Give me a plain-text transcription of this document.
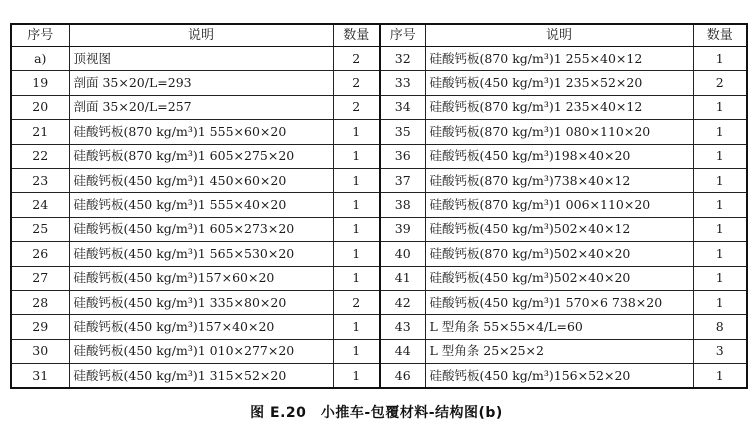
序号	说明	数量	序号	说明	数量
a)	顶视图	2	32	硅酸钙板(870 kg/m³)1 255×40×12	1
19	剖面 35×20/L=293	2	33	硅酸钙板(450 kg/m³)1 235×52×20	2
20	剖面 35×20/L=257	2	34	硅酸钙板(870 kg/m³)1 235×40×12	1
21	硅酸钙板(870 kg/m³)1 555×60×20	1	35	硅酸钙板(870 kg/m³)1 080×110×20	1
22	硅酸钙板(870 kg/m³)1 605×275×20	1	36	硅酸钙板(450 kg/m³)198×40×20	1
23	硅酸钙板(450 kg/m³)1 450×60×20	1	37	硅酸钙板(870 kg/m³)738×40×12	1
24	硅酸钙板(450 kg/m³)1 555×40×20	1	38	硅酸钙板(870 kg/m³)1 006×110×20	1
25	硅酸钙板(450 kg/m³)1 605×273×20	1	39	硅酸钙板(450 kg/m³)502×40×12	1
26	硅酸钙板(450 kg/m³)1 565×530×20	1	40	硅酸钙板(870 kg/m³)502×40×20	1
27	硅酸钙板(450 kg/m³)157×60×20	1	41	硅酸钙板(450 kg/m³)502×40×20	1
28	硅酸钙板(450 kg/m³)1 335×80×20	2	42	硅酸钙板(450 kg/m³)1 570×6 738×20	1
29	硅酸钙板(450 kg/m³)157×40×20	1	43	L 型角条 55×55×4/L=60	8
30	硅酸钙板(450 kg/m³)1 010×277×20	1	44	L 型角条 25×25×2	3
31	硅酸钙板(450 kg/m³)1 315×52×20	1	46	硅酸钙板(450 kg/m³)156×52×20	1
图 E.20　小推车-包覆材料-结构图(b)
